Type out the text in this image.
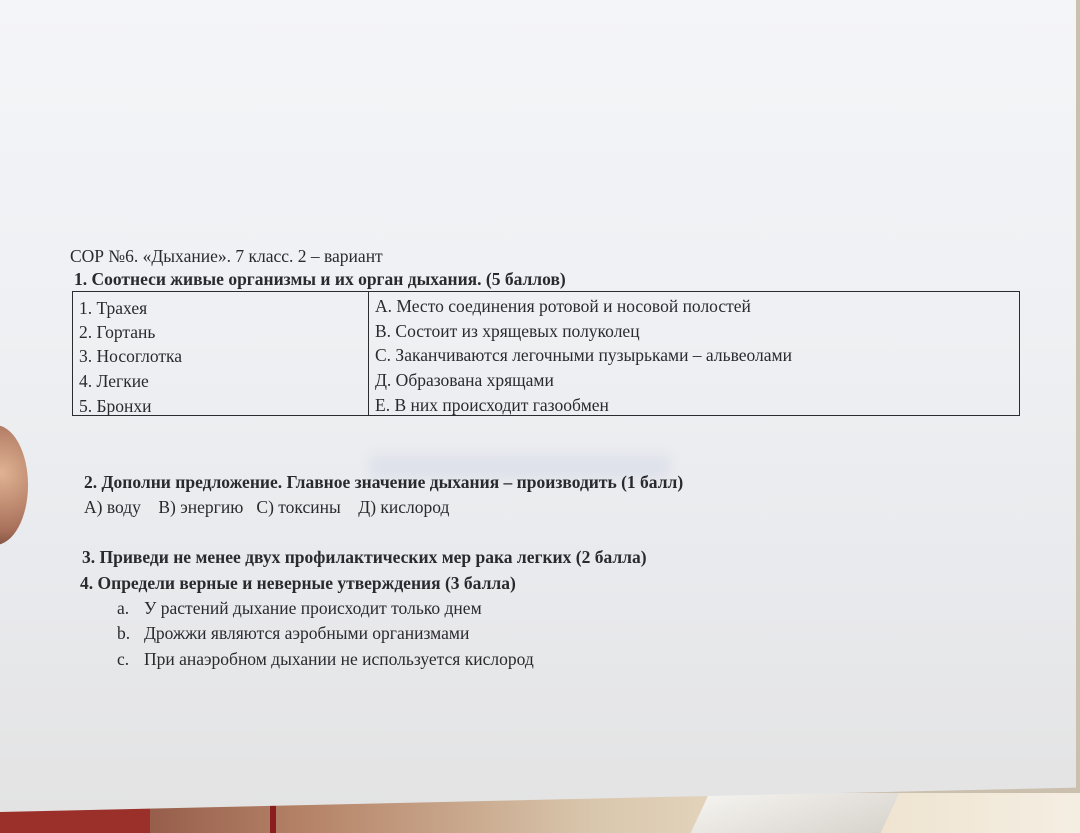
СОР №6. «Дыхание». 7 класс. 2 – вариант
1. Соотнеси живые организмы и их орган дыхания. (5 баллов)
1. Трахея
2. Гортань
3. Носоглотка
4. Легкие
5. Бронхи
А. Место соединения ротовой и носовой полостей
В. Состоит из хрящевых полуколец
С. Заканчиваются легочными пузырьками – альвеолами
Д. Образована хрящами
Е. В них происходит газообмен
2. Дополни предложение. Главное значение дыхания – производить (1 балл)
А) воду    В) энергию   С) токсины    Д) кислород
3. Приведи не менее двух профилактических мер рака легких (2 балла)
4. Определи верные и неверные утверждения (3 балла)
a. У растений дыхание происходит только днем
b. Дрожжи являются аэробными организмами
c. При анаэробном дыхании не используется кислород
